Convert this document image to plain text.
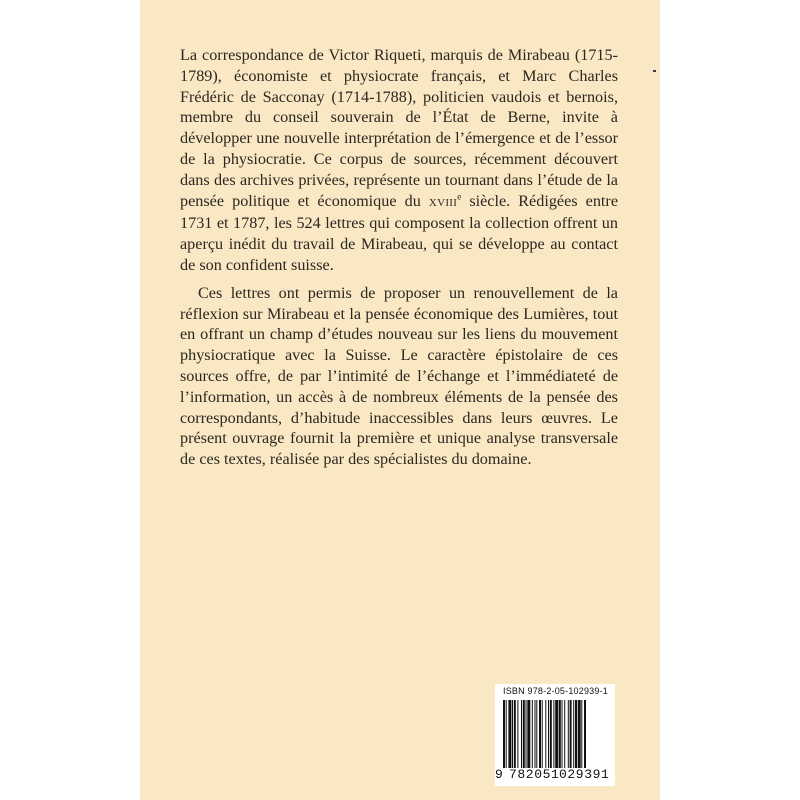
La correspondance de Victor Riqueti, marquis de Mirabeau (1715-1789), économiste et physiocrate français, et Marc Charles Frédéric de Sacconay (1714-1788), politicien vaudois et bernois, membre du conseil souverain de l’État de Berne, invite à développer une nouvelle interprétation de l’émergence et de l’essor de la physiocratie. Ce corpus de sources, récemment découvert dans des archives privées, représente un tournant dans l’étude de la pensée politique et économique du XVIIIe siècle. Rédigées entre 1731 et 1787, les 524 lettres qui composent la collection offrent un aperçu inédit du travail de Mirabeau, qui se développe au contact de son confident suisse.

Ces lettres ont permis de proposer un renouvellement de la réflexion sur Mirabeau et la pensée économique des Lumières, tout en offrant un champ d’études nouveau sur les liens du mouvement physiocratique avec la Suisse. Le caractère épistolaire de ces sources offre, de par l’intimité de l’échange et l’immédiateté de l’information, un accès à de nombreux éléments de la pensée des correspondants, d’habitude inaccessibles dans leurs œuvres. Le présent ouvrage fournit la première et unique analyse transversale de ces textes, réalisée par des spécialistes du domaine.

ISBN 978-2-05-102939-1
9 782051 029391
